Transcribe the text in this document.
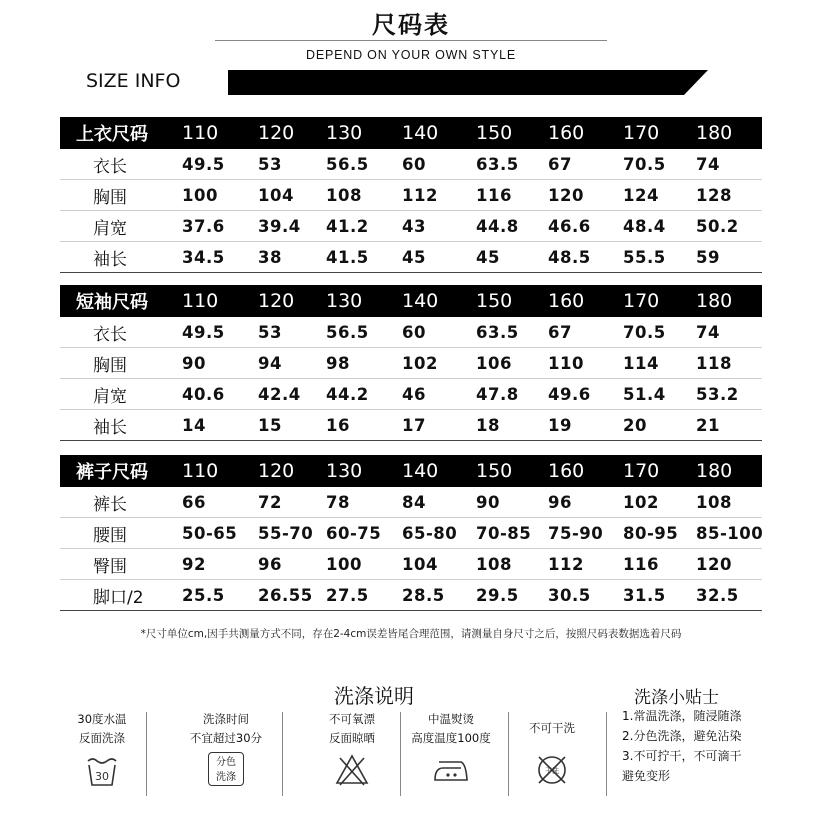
尺码表
DEPEND ON YOUR OWN STYLE
SIZE INFO
上衣尺码 110 120 130 140 150 160 170 180
衣长	49.5 53	56.5 60	63.5 67	70.5 74
胸围	100 104 108 112 116 120 124 128
肩宽	37.6 39.4 41.2 43	44.8 46.6 48.4 50.2
袖长	34.5 38	41.5 45	45	48.5 55.5 59
短袖尺码 110 120 130 140 150 160 170 180
衣长	49.5 53	56.5 60	63.5 67	70.5 74
胸围	90	94	98	102 106 110 114 118
肩宽	40.6 42.4 44.2 46	47.8 49.6 51.4 53.2
袖长	14	15	16	17	18	19	20	21
裤子尺码 110 120 130 140 150 160 170 180
裤长	66	72	78	84	90	96	102 108
腰围	50-65 55-70 60-75 65-80 70-85 75-90 80-95 85-100
臀围	92	96	100 104 108 112 116 120
脚口/2 25.5 26.55 27.5 28.5 29.5 30.5 31.5 32.5
*尺寸单位cm,因手共测量方式不同，存在2-4cm误差皆尾合理范围，请测量自身尺寸之后，按照尺码表数据选着尺码
洗涤说明	洗涤小贴士
30度水温
反面洗涤
30
洗涤时间
不宜超过30分
分色
洗涤
不可氧漂
反面晾晒
中温熨烫
高度温度100度
不可干洗
干洗
1.常温洗涤，随浸随涤
2.分色洗涤，避免沾染
3.不可拧干，不可滴干
避免变形
